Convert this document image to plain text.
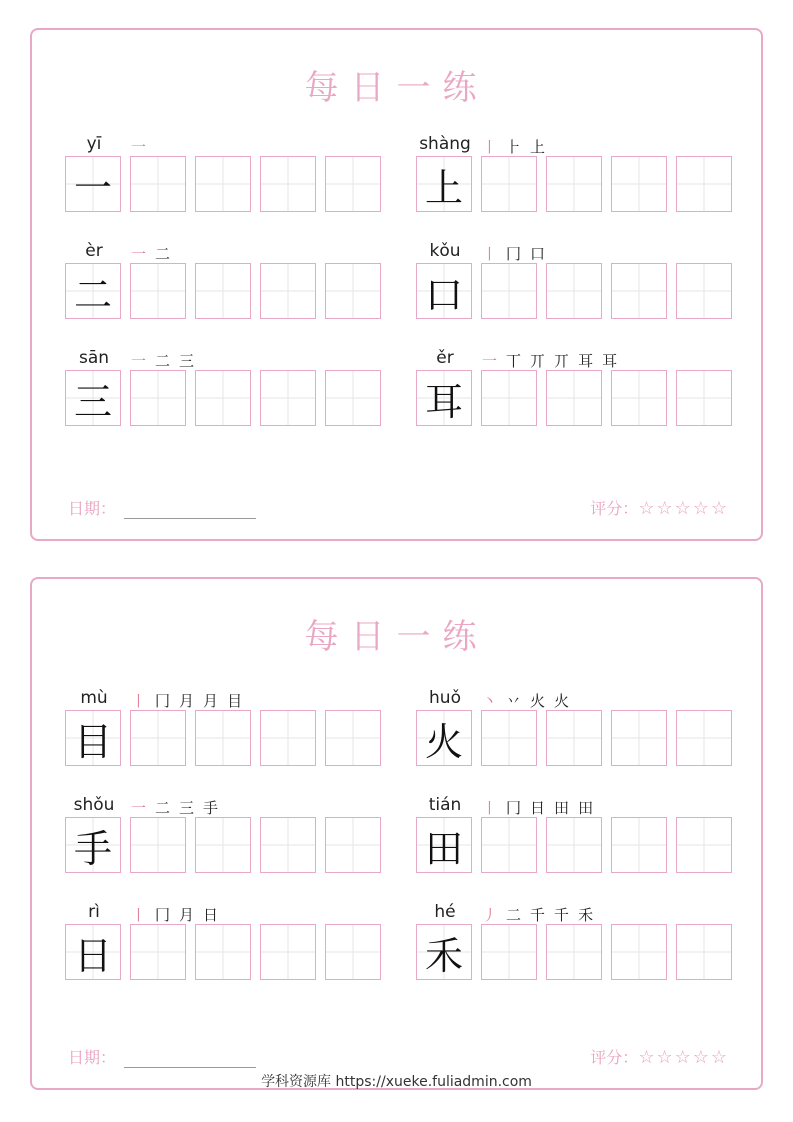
每日一练
yī	一
一
shàng 丨 ⺊ 上
上
èr	一 二
二
kǒu	丨 冂 口
口
sān	一 二 三
三
ěr	一 丅 丌 丌 耳 耳
耳
日期：	评分：☆☆☆☆☆
每日一练
mù	丨 冂 月 月 目
目
huǒ	丶 丷 火 火
火
shǒu	一 二 三 手
手
tián	丨 冂 日 田 田
田
rì	丨 冂 月 日
日
hé	丿 二 千 千 禾
禾
日期：	评分：☆☆☆☆☆
学科资源库 https://xueke.fuliadmin.com
